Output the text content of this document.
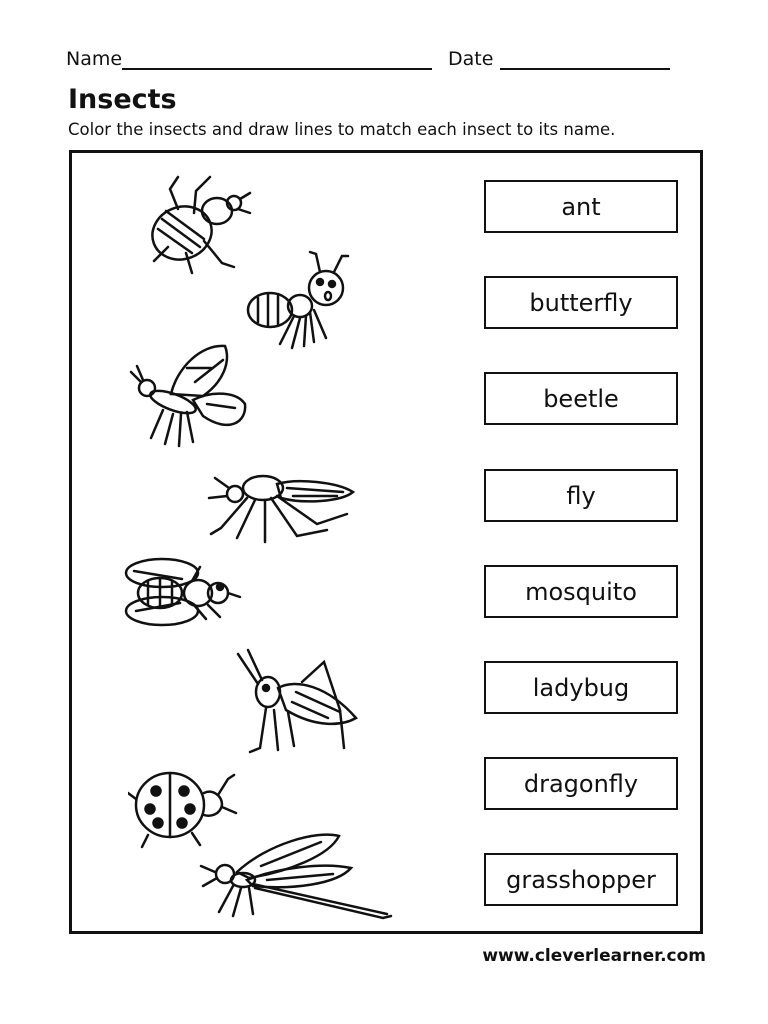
Name	Date
Insects

Color the insects and draw lines to match each insect to its name.

ant
butterfly
beetle
fly
mosquito
ladybug
dragonfly
grasshopper
www.cleverlearner.com
